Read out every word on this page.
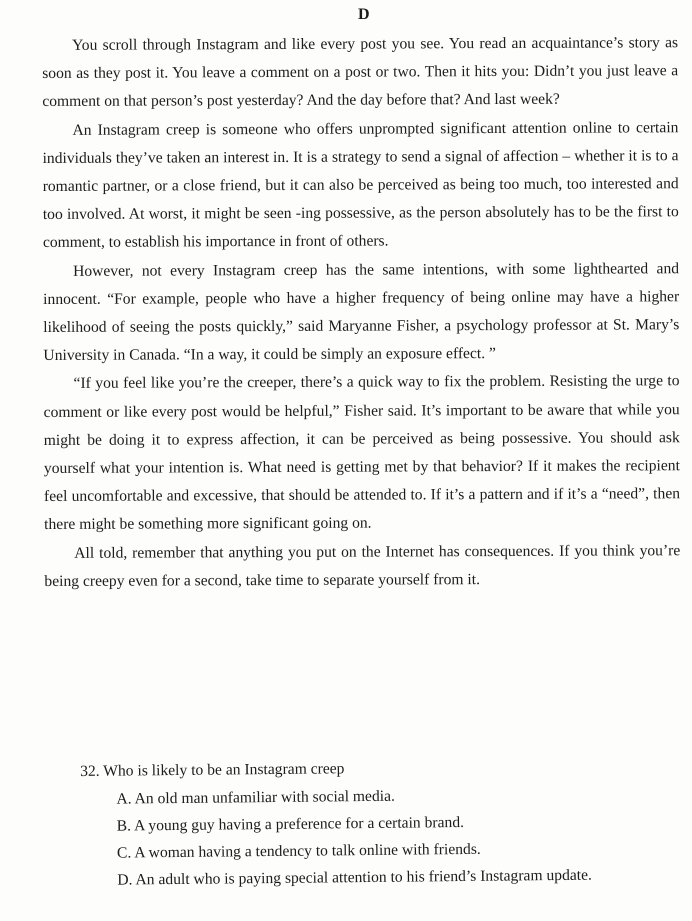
D

You scroll through Instagram and like every post you see. You read an acquaintance’s story as soon as they post it. You leave a comment on a post or two. Then it hits you: Didn’t you just leave a comment on that person’s post yesterday? And the day before that? And last week?

An Instagram creep is someone who offers unprompted significant attention online to certain individuals they’ve taken an interest in. It is a strategy to send a signal of affection – whether it is to a romantic partner, or a close friend, but it can also be perceived as being too much, too interested and too involved. At worst, it might be seen -ing possessive, as the person absolutely has to be the first to comment, to establish his importance in front of others.

However, not every Instagram creep has the same intentions, with some lighthearted and innocent. “For example, people who have a higher frequency of being online may have a higher likelihood of seeing the posts quickly,” said Maryanne Fisher, a psychology professor at St. Mary’s University in Canada. “In a way, it could be simply an exposure effect. ”

“If you feel like you’re the creeper, there’s a quick way to fix the problem. Resisting the urge to comment or like every post would be helpful,” Fisher said. It’s important to be aware that while you might be doing it to express affection, it can be perceived as being possessive. You should ask yourself what your intention is. What need is getting met by that behavior? If it makes the recipient feel uncomfortable and excessive, that should be attended to. If it’s a pattern and if it’s a “need”, then there might be something more significant going on.

All told, remember that anything you put on the Internet has consequences. If you think you’re being creepy even for a second, take time to separate yourself from it.

32. Who is likely to be an Instagram creep

A. An old man unfamiliar with social media.
B. A young guy having a preference for a certain brand.
C. A woman having a tendency to talk online with friends.
D. An adult who is paying special attention to his friend’s Instagram update.
